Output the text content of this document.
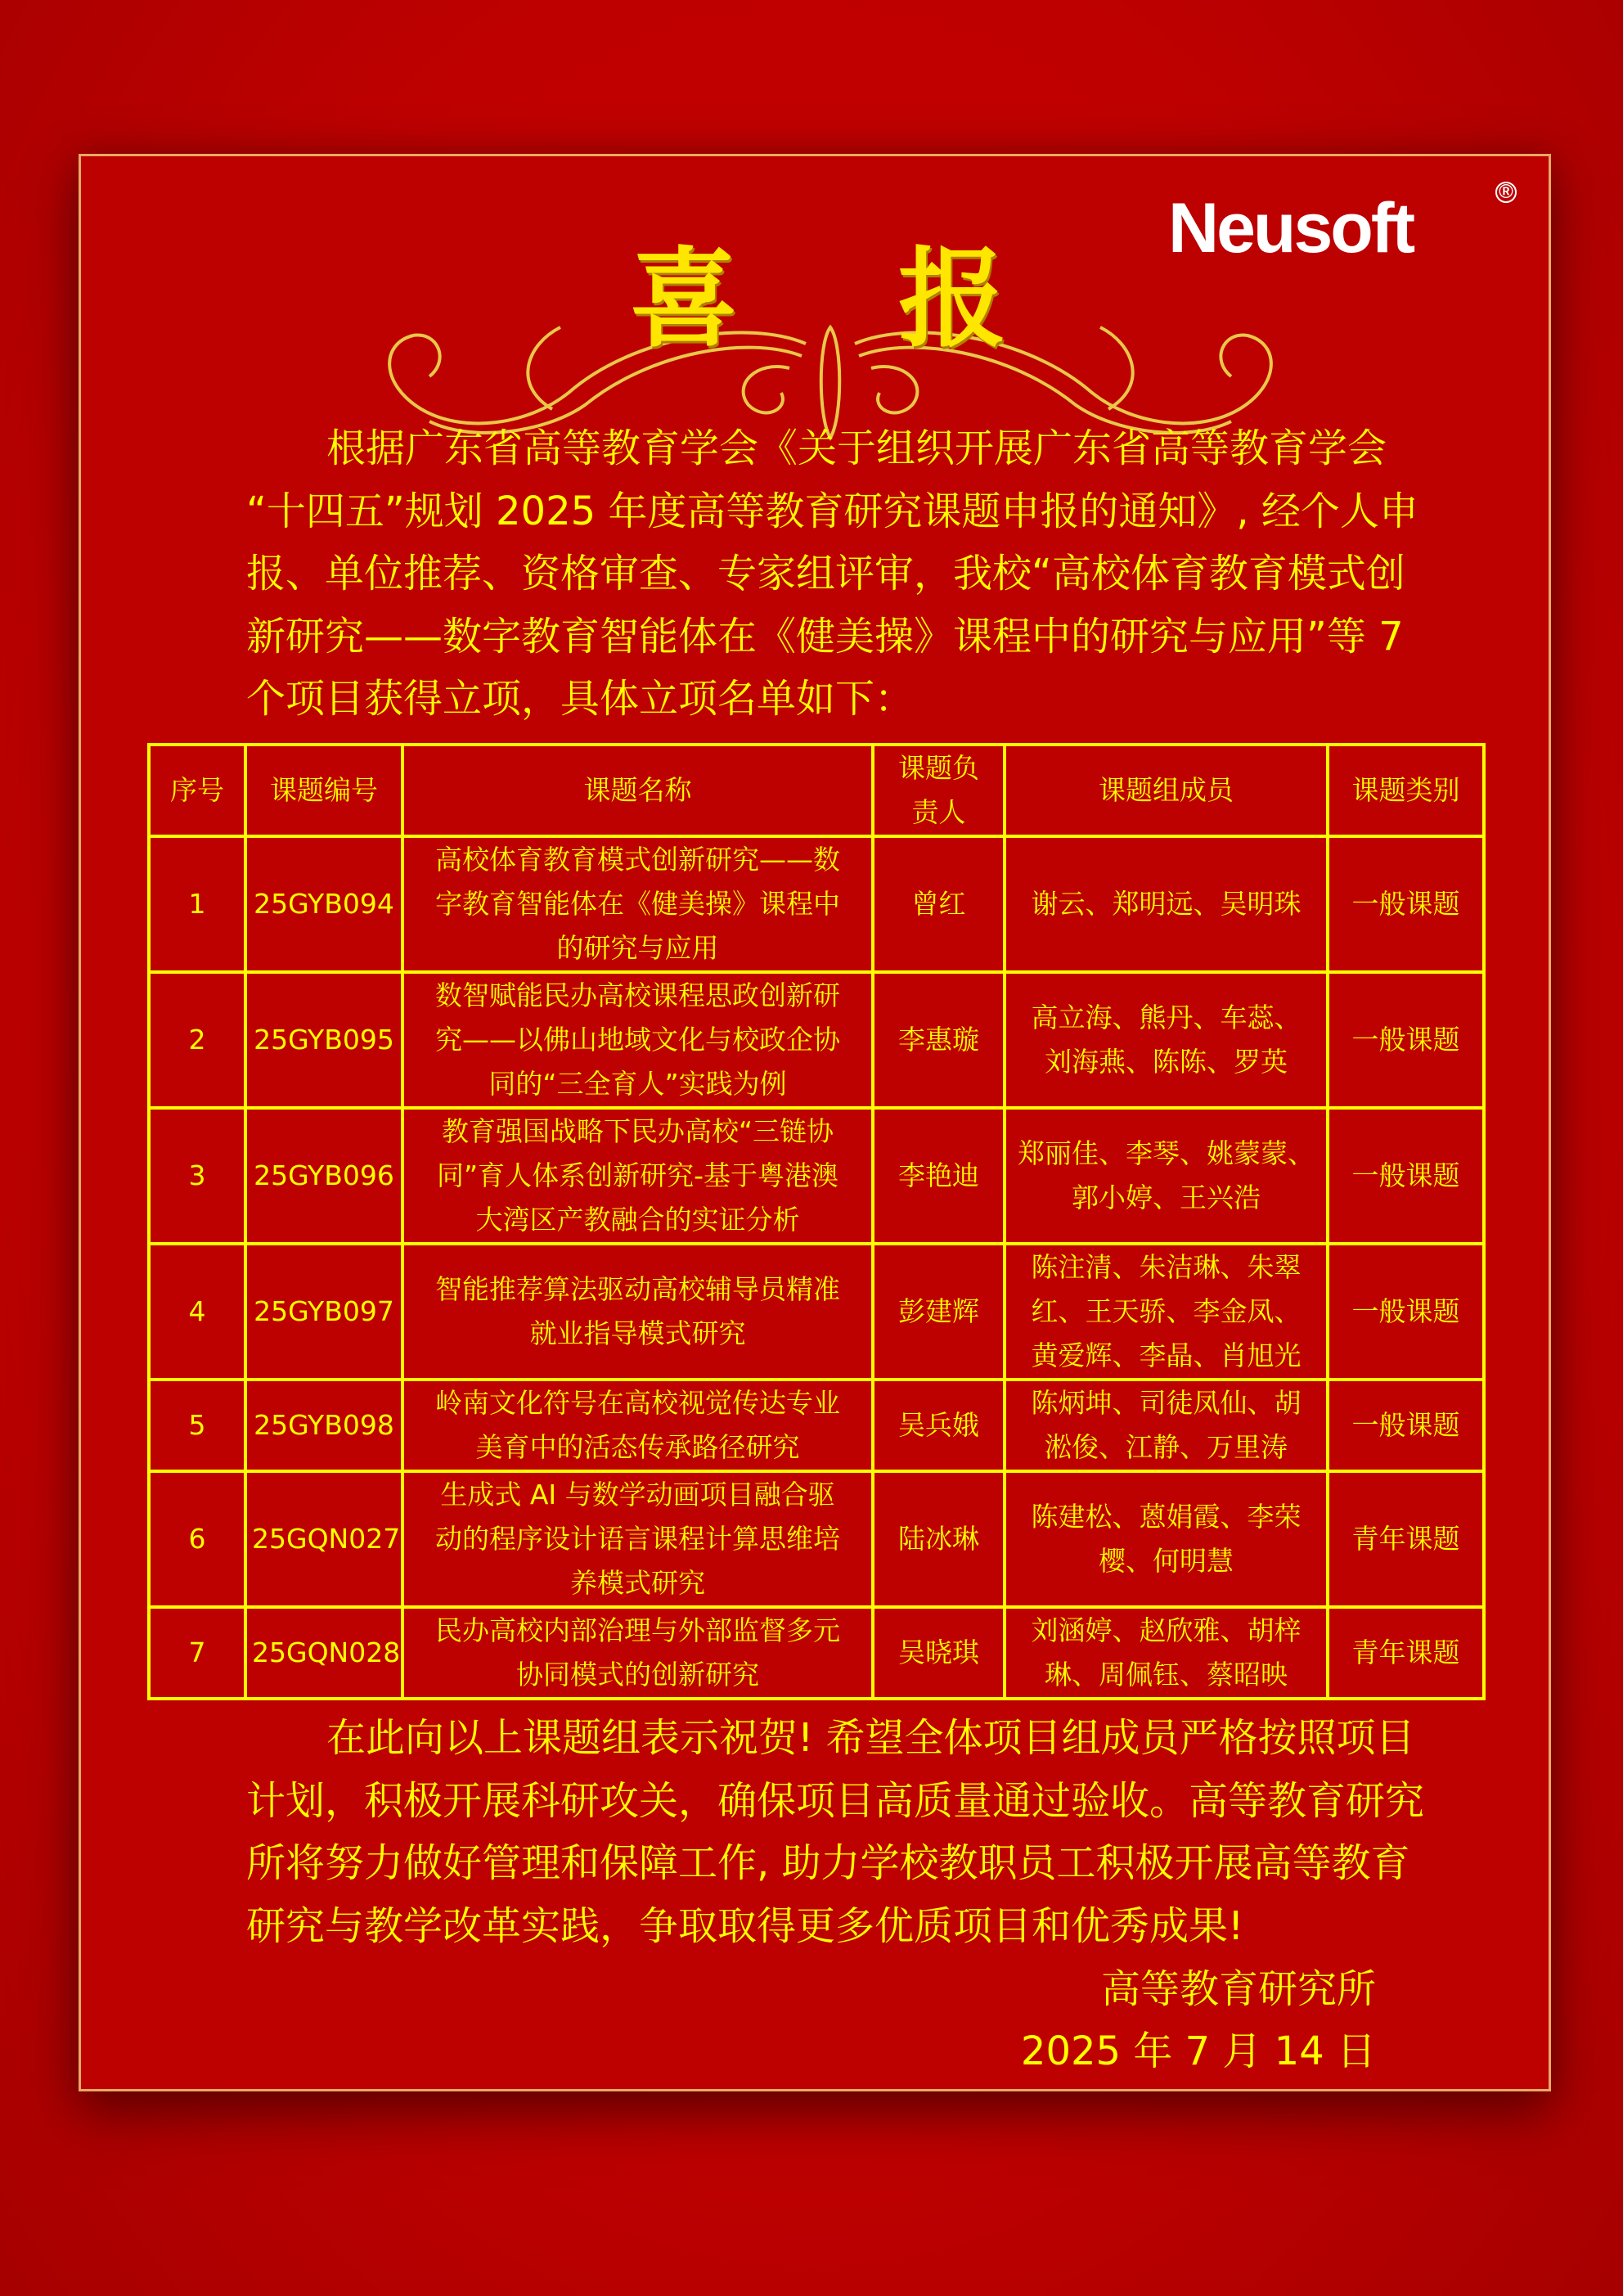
Neusoft	®
喜 报
根据广东省高等教育学会《关于组织开展广东省高等教育学会
“十四五”规划 2025 年度高等教育研究课题申报的通知》, 经个人申
报、单位推荐、资格审查、专家组评审，我校“高校体育教育模式创
新研究——数字教育智能体在《健美操》课程中的研究与应用”等 7
个项目获得立项，具体立项名单如下：
序号	课题编号	课题名称	课题负
责人	课题组成员	课题类别
1	25GYB094	高校体育教育模式创新研究——数
字教育智能体在《健美操》课程中
的研究与应用	曾红	谢云、郑明远、吴明珠	一般课题
2	25GYB095	数智赋能民办高校课程思政创新研
究——以佛山地域文化与校政企协
同的“三全育人”实践为例	李惠璇	高立海、熊丹、车蕊、
刘海燕、陈陈、罗英	一般课题
3	25GYB096	教育强国战略下民办高校“三链协
同”育人体系创新研究-基于粤港澳
大湾区产教融合的实证分析	李艳迪	郑丽佳、李琴、姚蒙蒙、
郭小婷、王兴浩	一般课题
4	25GYB097	智能推荐算法驱动高校辅导员精准
就业指导模式研究	彭建辉	陈注清、朱洁琳、朱翠
红、王天骄、李金凤、
黄爱辉、李晶、肖旭光	一般课题
5	25GYB098	岭南文化符号在高校视觉传达专业
美育中的活态传承路径研究	吴兵娥	陈炳坤、司徒凤仙、胡
淞俊、江静、万里涛	一般课题
6	25GQN027	生成式 AI 与数学动画项目融合驱
动的程序设计语言课程计算思维培
养模式研究	陆冰琳	陈建松、蒽娟霞、李荣
樱、何明慧	青年课题
7	25GQN028	民办高校内部治理与外部监督多元
协同模式的创新研究	吴晓琪	刘涵婷、赵欣雅、胡梓
琳、周佩钰、蔡昭映	青年课题
在此向以上课题组表示祝贺! 希望全体项目组成员严格按照项目
计划，积极开展科研攻关，确保项目高质量通过验收。高等教育研究
所将努力做好管理和保障工作, 助力学校教职员工积极开展高等教育
研究与教学改革实践，争取取得更多优质项目和优秀成果!
高等教育研究所
2025 年 7 月 14 日
